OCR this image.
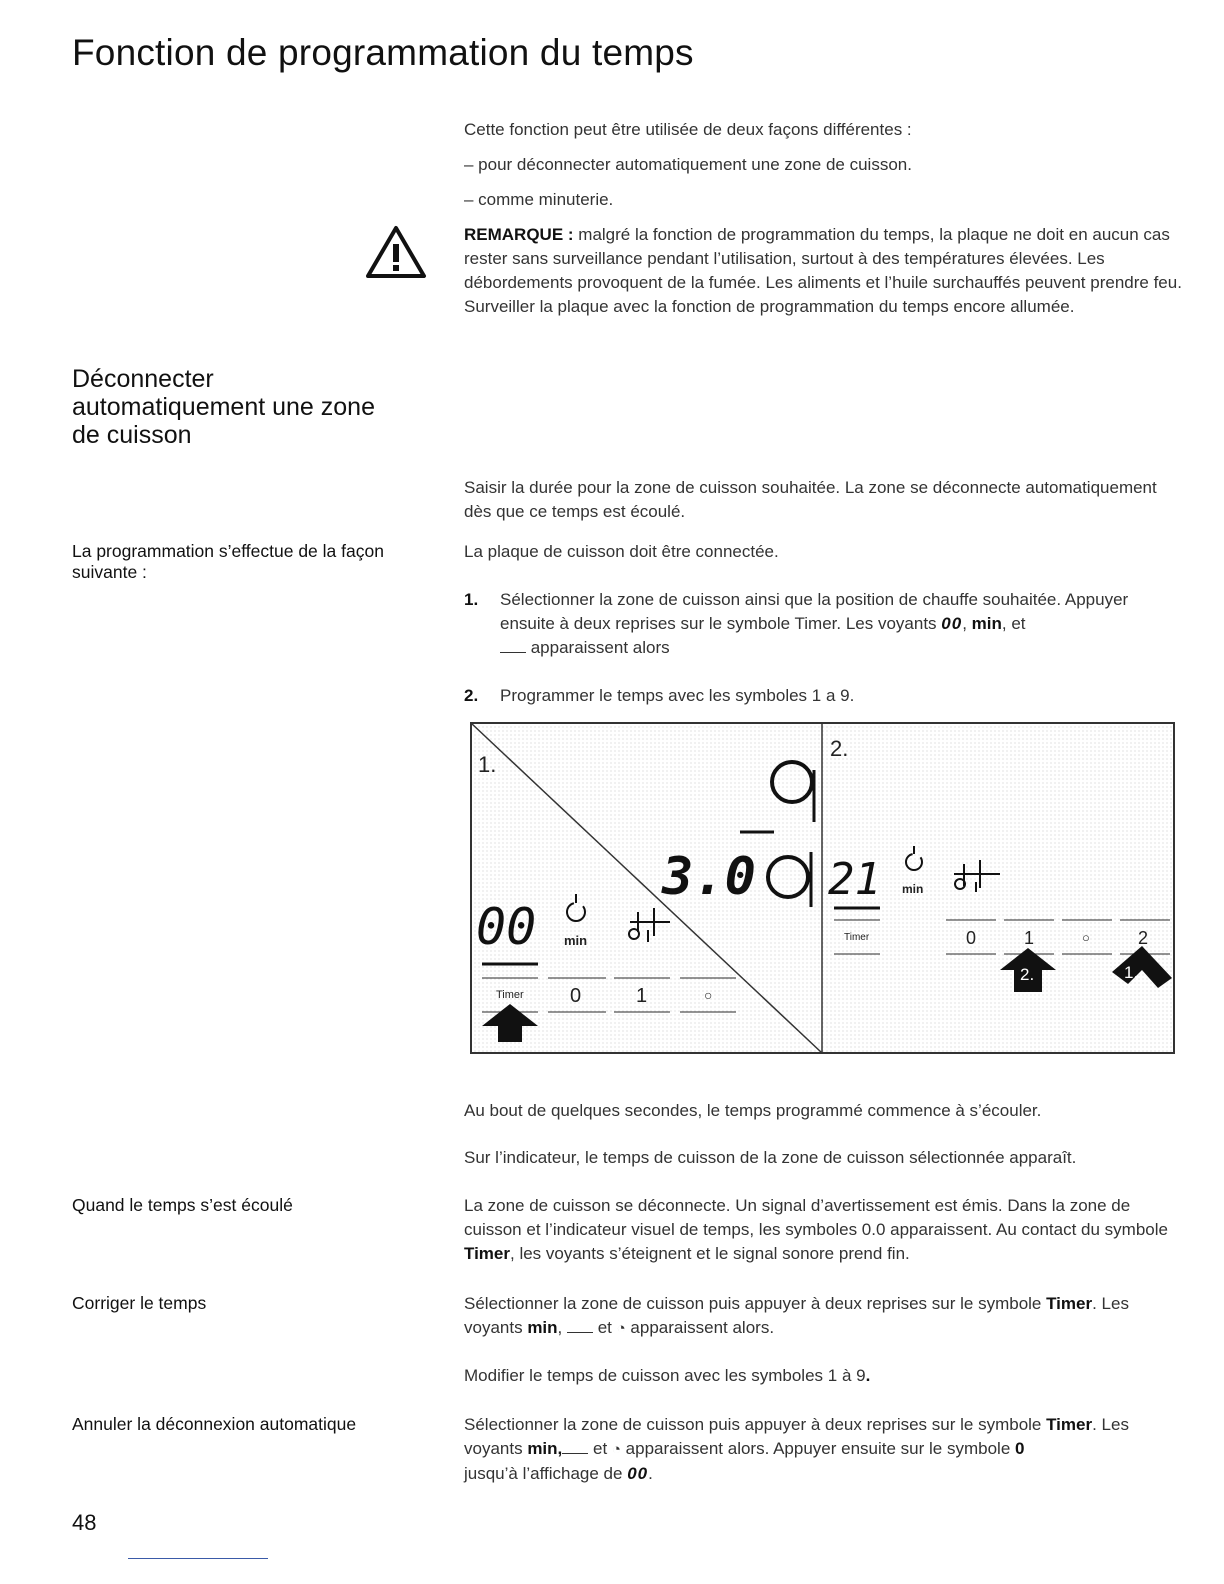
Fonction de programmation du temps
Cette fonction peut être utilisée de deux façons différentes :
– pour déconnecter automatiquement une zone de cuisson.
– comme minuterie.

REMARQUE : malgré la fonction de programmation du temps, la plaque ne doit en aucun cas rester sans surveillance pendant l’utilisation, surtout à des températures élevées. Les débordements provoquent de la fumée. Les aliments et l’huile surchauffés peuvent prendre feu. Surveiller la plaque avec la fonction de programmation du temps encore allumée.

Déconnecter automatiquement une zone de cuisson

Saisir la durée pour la zone de cuisson souhaitée. La zone se déconnecte automatiquement dès que ce temps est écoulé.

La programmation s’effectue de la façon suivante :

La plaque de cuisson doit être connectée.

1. Sélectionner la zone de cuisson ainsi que la position de chauffe souhaitée. Appuyer ensuite à deux reprises sur le symbole Timer. Les voyants 00, min, et
apparaissent alors
2. Programmer le temps avec les symboles 1 a 9.
1.
3.0
00 min
Timer 0	1	○
2.
21 min
Timer	0	1	○	2
2.	1.

Au bout de quelques secondes, le temps programmé commence à s’écouler.

Sur l’indicateur, le temps de cuisson de la zone de cuisson sélectionnée apparaît.

Quand le temps s’est écoulé	La zone de cuisson se déconnecte. Un signal d’avertissement est émis. Dans la zone de cuisson et l’indicateur visuel de temps, les symboles 0.0 apparaissent. Au contact du symbole Timer, les voyants s’éteignent et le signal sonore prend fin.

Corriger le temps	Sélectionner la zone de cuisson puis appuyer à deux reprises sur le symbole Timer. Les voyants min,  et ◔ apparaissent alors.

Modifier le temps de cuisson avec les symboles 1 à 9.

Annuler la déconnexion automatique	Sélectionner la zone de cuisson puis appuyer à deux reprises sur le symbole Timer. Les voyants min, et ◔ apparaissent alors. Appuyer ensuite sur le symbole 0
jusqu’à l’affichage de 00.

48
